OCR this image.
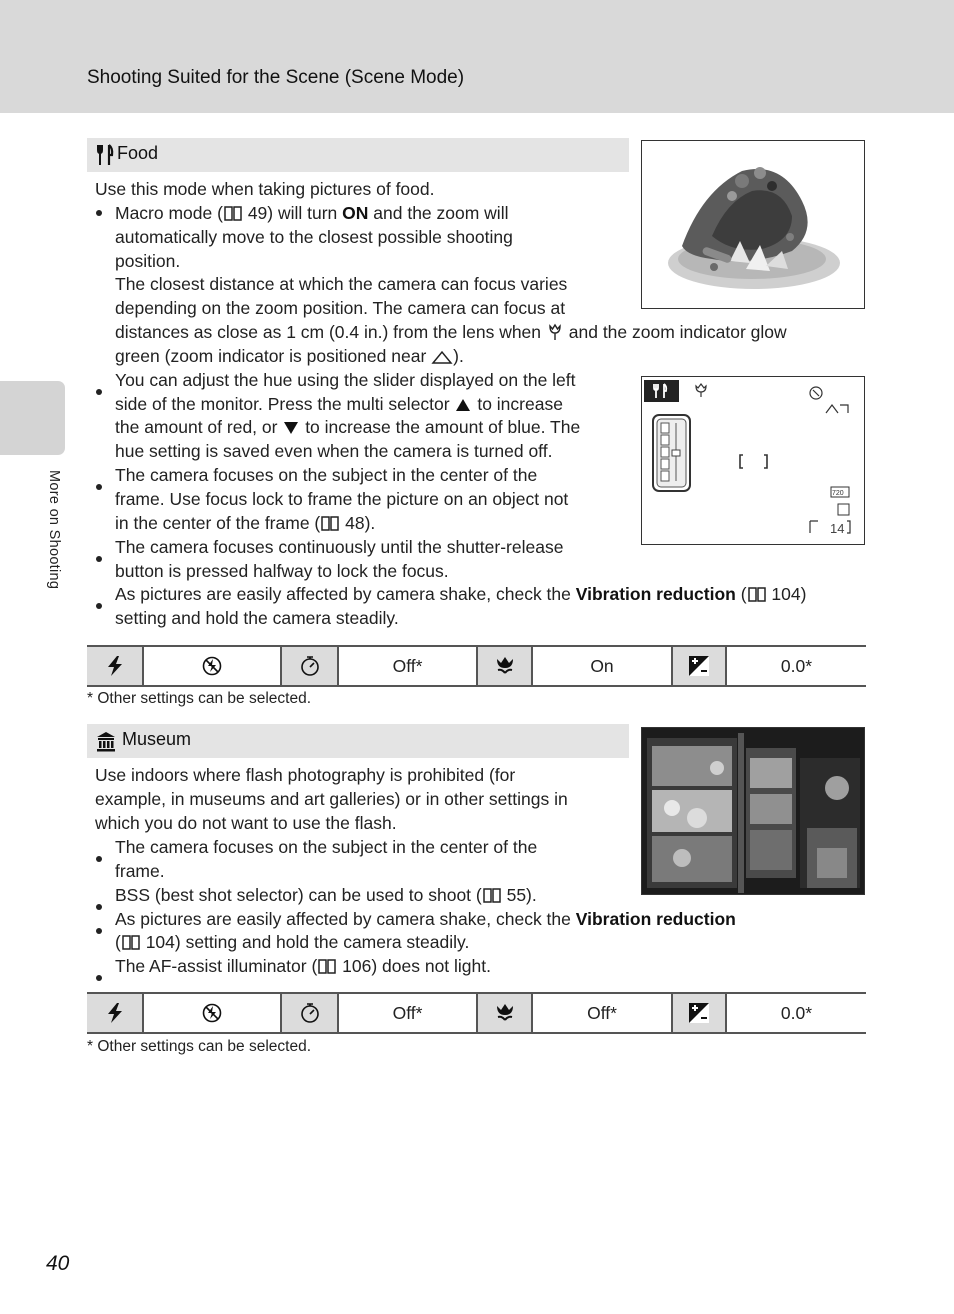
Shooting Suited for the Scene (Scene Mode)
More on Shooting
Food
Use this mode when taking pictures of food.
Macro mode ( 49) will turn ON and the zoom will
automatically move to the closest possible shooting
position.
The closest distance at which the camera can focus varies
depending on the zoom position. The camera can focus at
distances as close as 1 cm (0.4 in.) from the lens when  and the zoom indicator glow
green (zoom indicator is positioned near ).
720
14
You can adjust the hue using the slider displayed on the left
side of the monitor. Press the multi selector  to increase
the amount of red, or  to increase the amount of blue. The
hue setting is saved even when the camera is turned off.
The camera focuses on the subject in the center of the
frame. Use focus lock to frame the picture on an object not
in the center of the frame ( 48).
The camera focuses continuously until the shutter-release
button is pressed halfway to lock the focus.
As pictures are easily affected by camera shake, check the Vibration reduction ( 104)
setting and hold the camera steadily.
Off*	On	0.0*
* Other settings can be selected.
Museum
Use indoors where flash photography is prohibited (for
example, in museums and art galleries) or in other settings in
which you do not want to use the flash.
The camera focuses on the subject in the center of the
frame.
BSS (best shot selector) can be used to shoot ( 55).
As pictures are easily affected by camera shake, check the Vibration reduction
( 104) setting and hold the camera steadily.
The AF-assist illuminator ( 106) does not light.
Off*	Off*	0.0*
* Other settings can be selected.
40
